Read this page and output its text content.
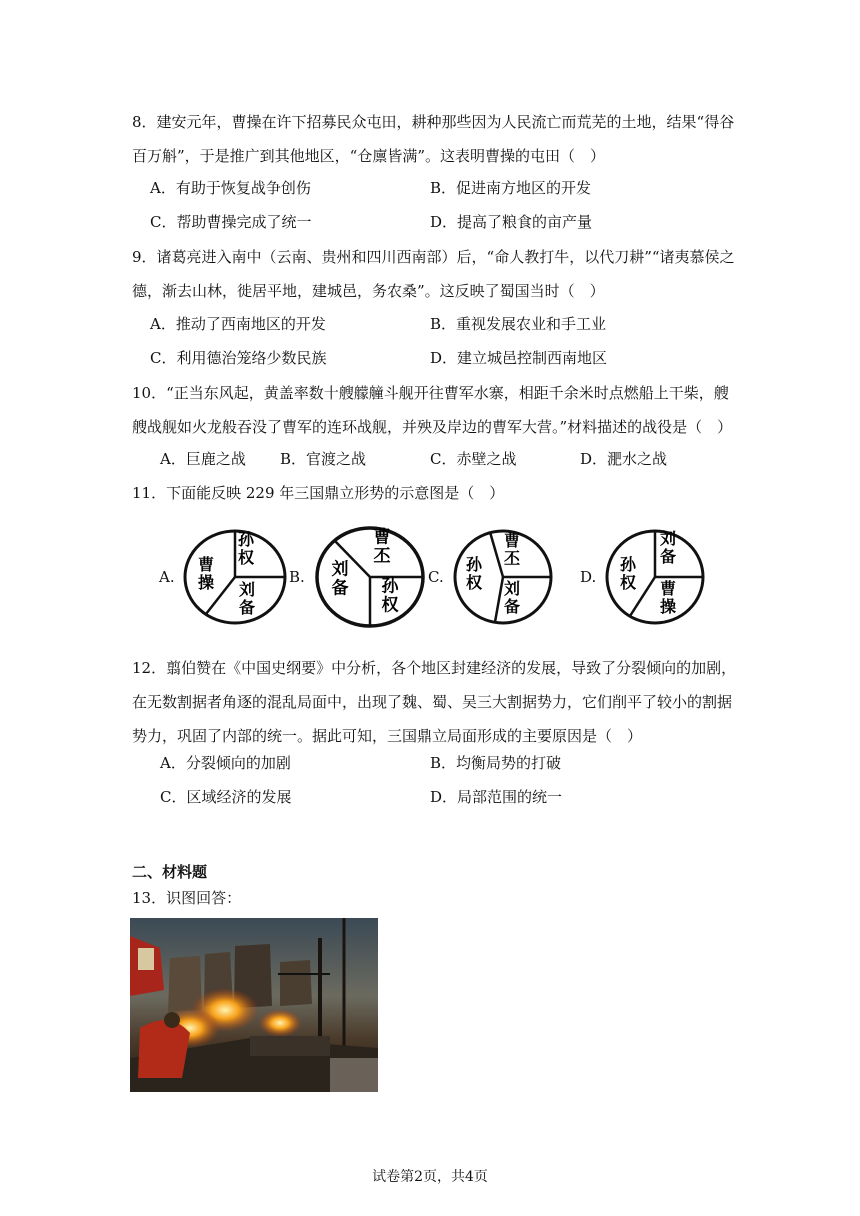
8．建安元年，曹操在许下招募民众屯田，耕种那些因为人民流亡而荒芜的土地，结果“得谷
百万斛”，于是推广到其他地区，“仓廪皆满”。这表明曹操的屯田（　）
A．有助于恢复战争创伤	B．促进南方地区的开发
C．帮助曹操完成了统一	D．提高了粮食的亩产量
9．诸葛亮进入南中（云南、贵州和四川西南部）后，“命人教打牛，以代刀耕”“诸夷慕侯之
德，渐去山林，徙居平地，建城邑，务农桑”。这反映了蜀国当时（　）
A．推动了西南地区的开发	B．重视发展农业和手工业
C．利用德治笼络少数民族	D．建立城邑控制西南地区
10．“正当东风起，黄盖率数十艘艨艟斗舰开往曹军水寨，相距千余米时点燃船上干柴，艘
艘战舰如火龙般吞没了曹军的连环战舰，并殃及岸边的曹军大营。”材料描述的战役是（　）
A．巨鹿之战 B．官渡之战	C．赤壁之战	D．淝水之战
11．下面能反映 229 年三国鼎立形势的示意图是（　）
A.
孙权
刘备
曹操	B.
曹丕
孙权
刘备
C.
曹丕
刘备
孙权	D.
刘备
曹操
孙权
12．翦伯赞在《中国史纲要》中分析，各个地区封建经济的发展，导致了分裂倾向的加剧，
在无数割据者角逐的混乱局面中，出现了魏、蜀、吴三大割据势力，它们削平了较小的割据
势力，巩固了内部的统一。据此可知，三国鼎立局面形成的主要原因是（　）
A．分裂倾向的加剧	B．均衡局势的打破
C．区域经济的发展	D．局部范围的统一
二、材料题
13．识图回答：
试卷第2页，共4页
